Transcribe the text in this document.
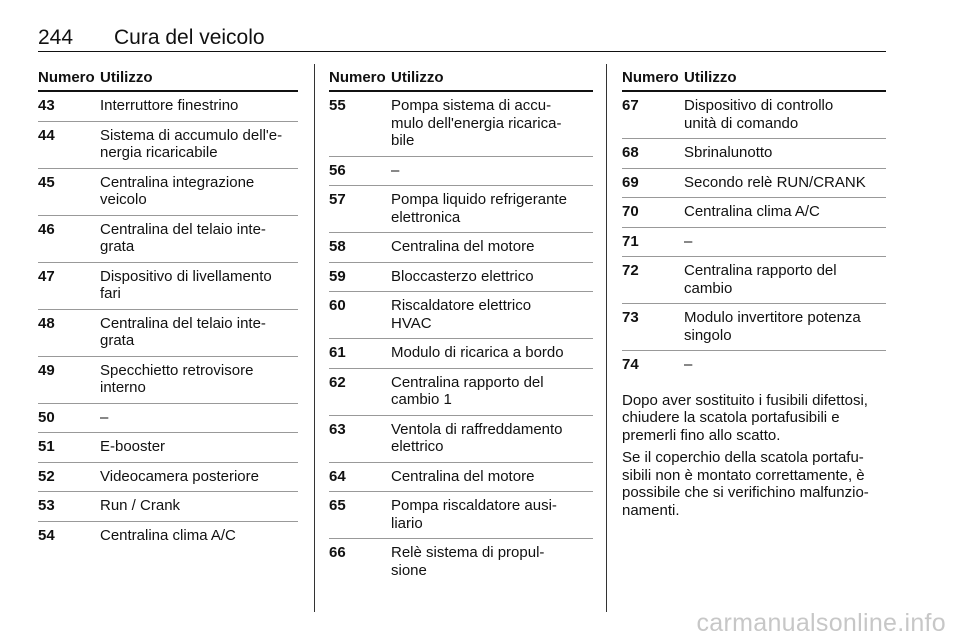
244 Cura del veicolo
Numero Utilizzo
43	Interruttore finestrino
44	Sistema di accumulo dell'e-
nergia ricaricabile
45	Centralina integrazione
veicolo
46	Centralina del telaio inte-
grata
47	Dispositivo di livellamento
fari
48	Centralina del telaio inte-
grata
49	Specchietto retrovisore
interno
50	–
51	E-booster
52	Videocamera posteriore
53	Run / Crank
54	Centralina clima A/C
Numero Utilizzo
55	Pompa sistema di accu-
mulo dell'energia ricarica-
bile
56	–
57	Pompa liquido refrigerante
elettronica
58	Centralina del motore
59	Bloccasterzo elettrico
60	Riscaldatore elettrico
HVAC
61	Modulo di ricarica a bordo
62	Centralina rapporto del
cambio 1
63	Ventola di raffreddamento
elettrico
64	Centralina del motore
65	Pompa riscaldatore ausi-
liario
66	Relè sistema di propul-
sione
Numero Utilizzo
67	Dispositivo di controllo
unità di comando
68	Sbrinalunotto
69	Secondo relè RUN/CRANK
70	Centralina clima A/C
71	–
72	Centralina rapporto del
cambio
73	Modulo invertitore potenza
singolo
74	–

Dopo aver sostituito i fusibili difettosi,
chiudere la scatola portafusibili e
premerli fino allo scatto.

Se il coperchio della scatola portafu-
sibili non è montato correttamente, è
possibile che si verifichino malfunzio-
namenti.

carmanualsonline.info
